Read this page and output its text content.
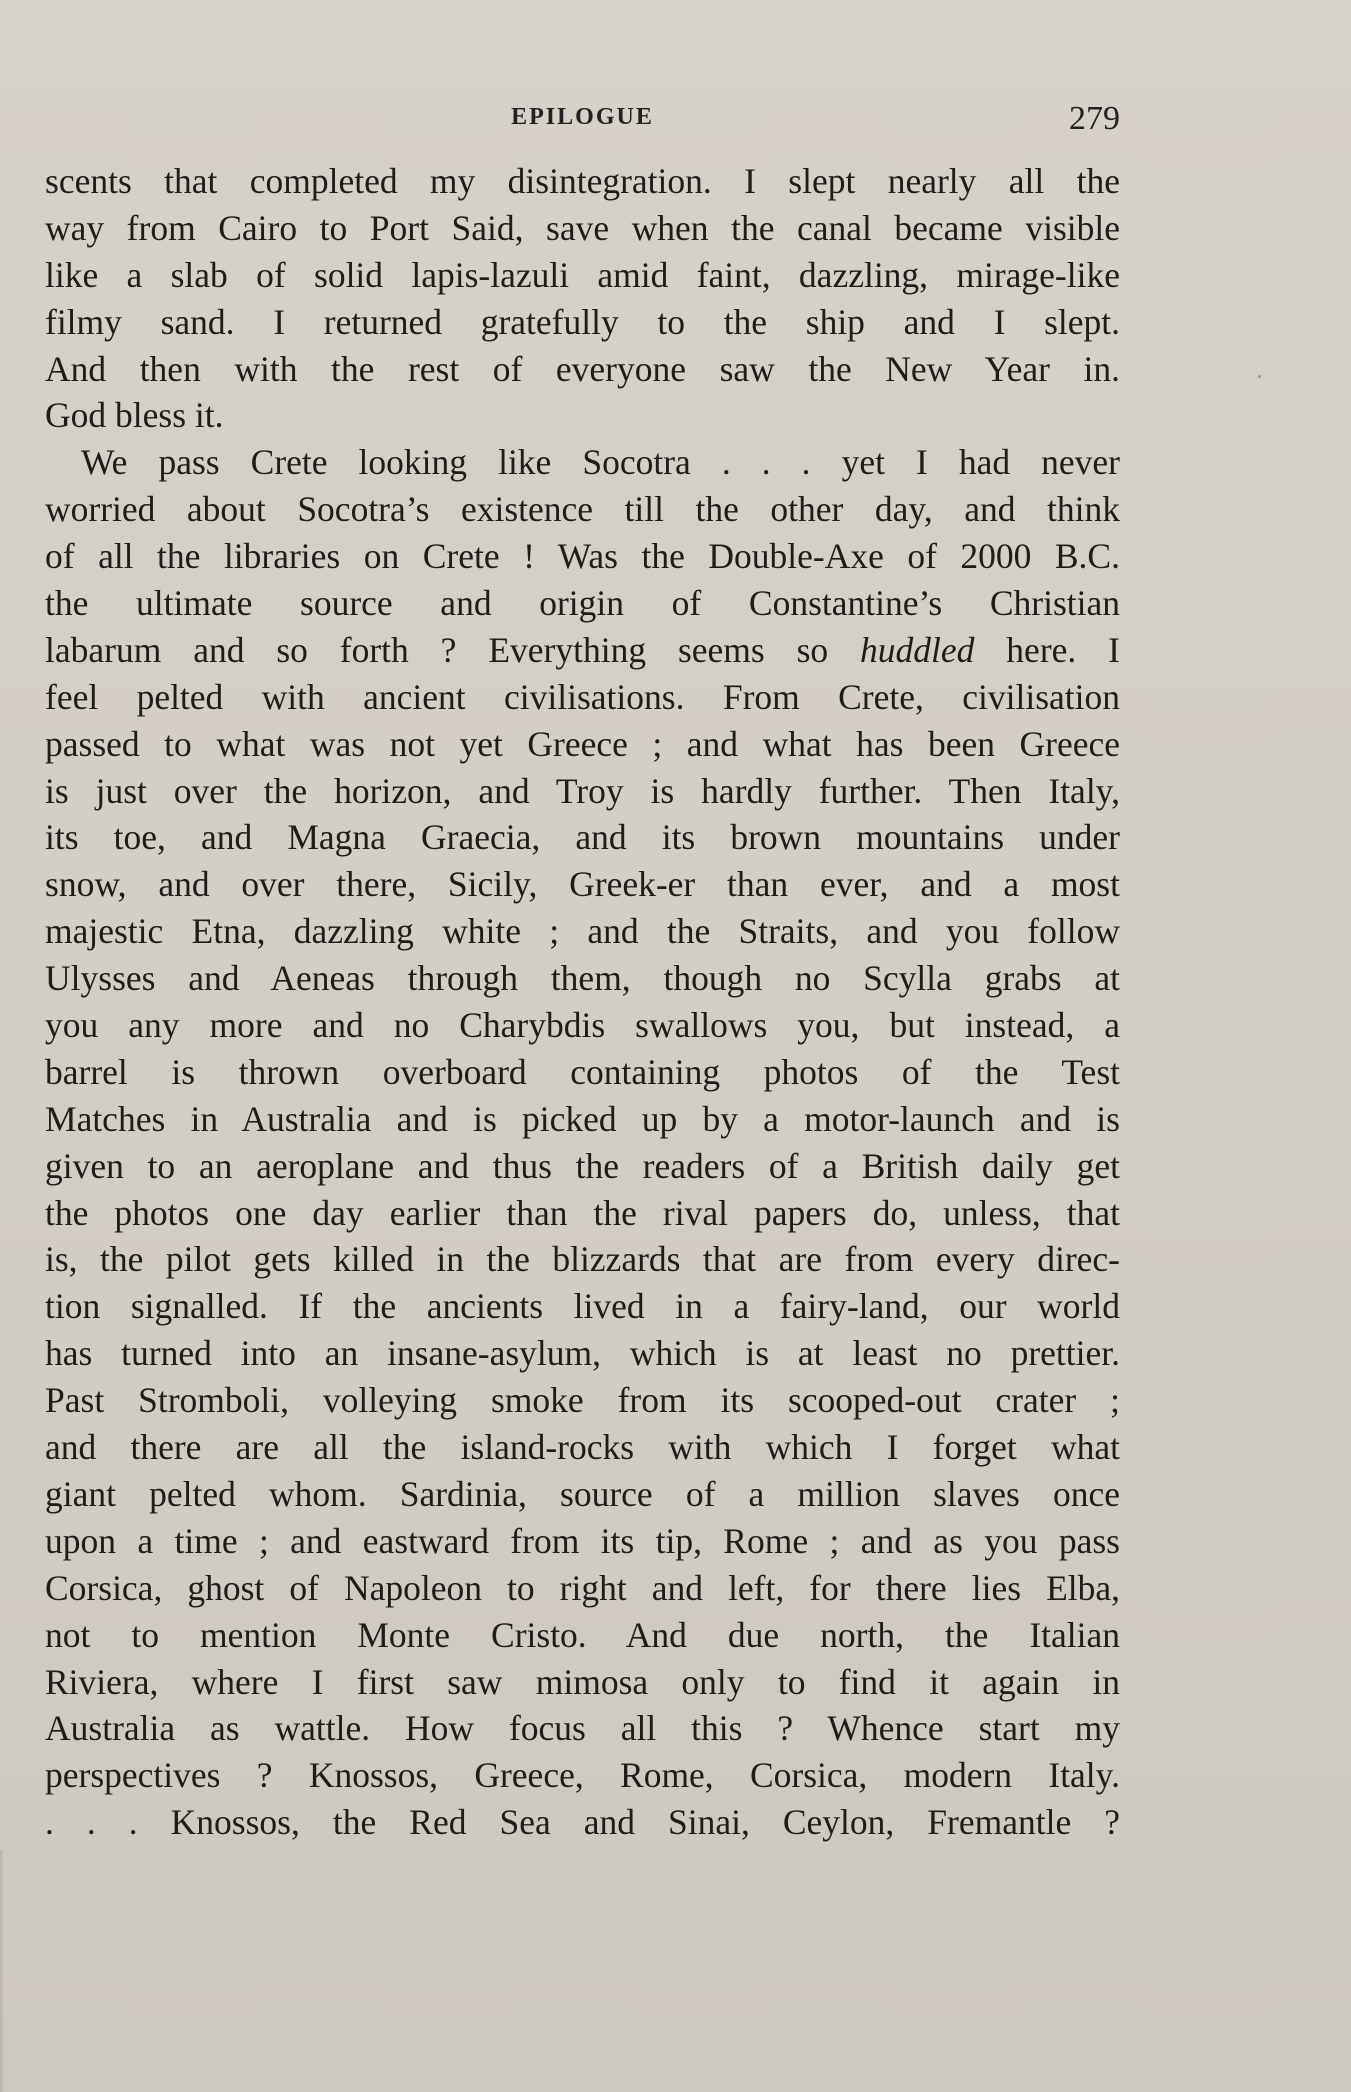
EPILOGUE	279
scents that completed my disintegration. I slept nearly all the
way from Cairo to Port Said, save when the canal became visible
like a slab of solid lapis-lazuli amid faint, dazzling, mirage-like
filmy sand. I returned gratefully to the ship and I slept.
And then with the rest of everyone saw the New Year in.
God bless it.
We pass Crete looking like Socotra . . . yet I had never
worried about Socotra’s existence till the other day, and think
of all the libraries on Crete ! Was the Double-Axe of 2000 B.C.
the ultimate source and origin of Constantine’s Christian
labarum and so forth ? Everything seems so huddled here. I
feel pelted with ancient civilisations. From Crete, civilisation
passed to what was not yet Greece ; and what has been Greece
is just over the horizon, and Troy is hardly further. Then Italy,
its toe, and Magna Graecia, and its brown mountains under
snow, and over there, Sicily, Greek-er than ever, and a most
majestic Etna, dazzling white ; and the Straits, and you follow
Ulysses and Aeneas through them, though no Scylla grabs at
you any more and no Charybdis swallows you, but instead, a
barrel is thrown overboard containing photos of the Test
Matches in Australia and is picked up by a motor-launch and is
given to an aeroplane and thus the readers of a British daily get
the photos one day earlier than the rival papers do, unless, that
is, the pilot gets killed in the blizzards that are from every direc-
tion signalled. If the ancients lived in a fairy-land, our world
has turned into an insane-asylum, which is at least no prettier.
Past Stromboli, volleying smoke from its scooped-out crater ;
and there are all the island-rocks with which I forget what
giant pelted whom. Sardinia, source of a million slaves once
upon a time ; and eastward from its tip, Rome ; and as you pass
Corsica, ghost of Napoleon to right and left, for there lies Elba,
not to mention Monte Cristo. And due north, the Italian
Riviera, where I first saw mimosa only to find it again in
Australia as wattle. How focus all this ? Whence start my
perspectives ? Knossos, Greece, Rome, Corsica, modern Italy.
. . . Knossos, the Red Sea and Sinai, Ceylon, Fremantle ?
